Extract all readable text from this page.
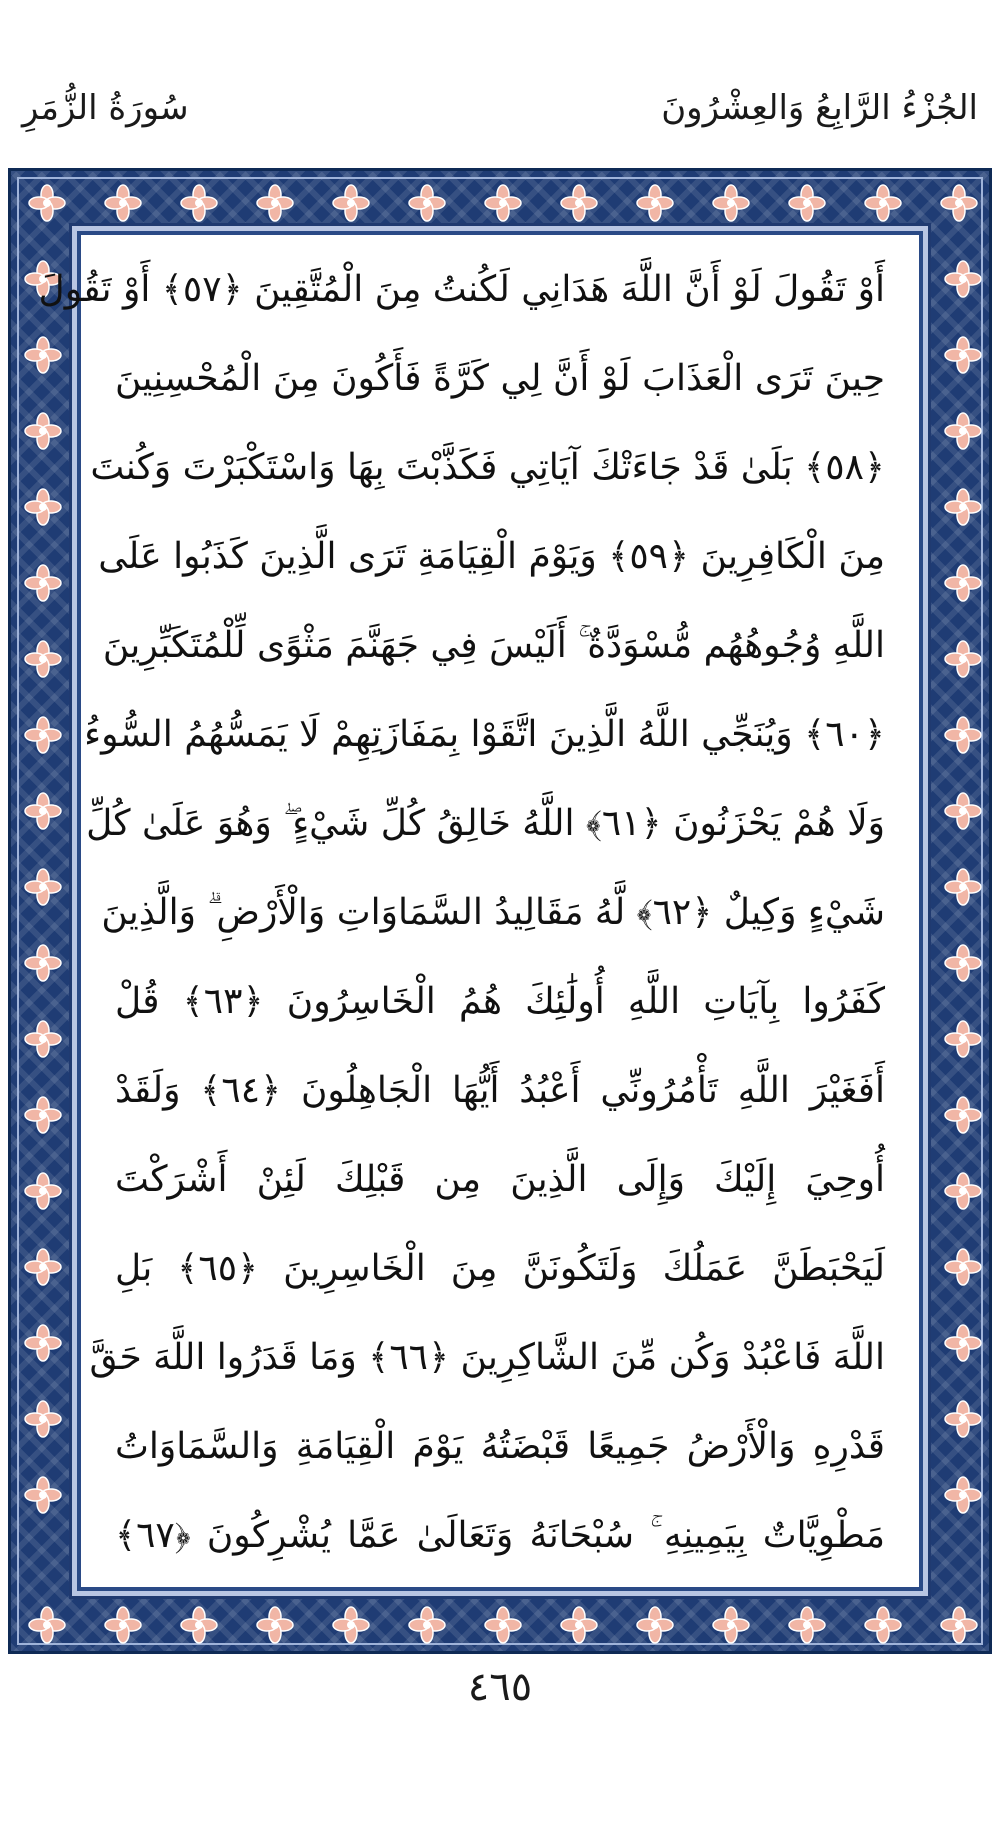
سُورَةُ الزُّمَرِ	الجُزْءُ الرَّابِعُ وَالعِشْرُونَ
أَوْ تَقُولَ لَوْ أَنَّ اللَّهَ هَدَانِي لَكُنتُ مِنَ الْمُتَّقِينَ ﴿٥٧﴾ أَوْ تَقُولَ
حِينَ تَرَى الْعَذَابَ لَوْ أَنَّ لِي كَرَّةً فَأَكُونَ مِنَ الْمُحْسِنِينَ
﴿٥٨﴾ بَلَىٰ قَدْ جَاءَتْكَ آيَاتِي فَكَذَّبْتَ بِهَا وَاسْتَكْبَرْتَ وَكُنتَ
مِنَ الْكَافِرِينَ ﴿٥٩﴾ وَيَوْمَ الْقِيَامَةِ تَرَى الَّذِينَ كَذَبُوا عَلَى
اللَّهِ وُجُوهُهُم مُّسْوَدَّةٌ ۚ أَلَيْسَ فِي جَهَنَّمَ مَثْوًى لِّلْمُتَكَبِّرِينَ
﴿٦٠﴾ وَيُنَجِّي اللَّهُ الَّذِينَ اتَّقَوْا بِمَفَازَتِهِمْ لَا يَمَسُّهُمُ السُّوءُ
وَلَا هُمْ يَحْزَنُونَ ﴿٦١﴾ اللَّهُ خَالِقُ كُلِّ شَيْءٍ ۖ وَهُوَ عَلَىٰ كُلِّ
شَيْءٍ وَكِيلٌ ﴿٦٢﴾ لَّهُ مَقَالِيدُ السَّمَاوَاتِ وَالْأَرْضِ ۗ وَالَّذِينَ
كَفَرُوا بِآيَاتِ اللَّهِ أُولَٰئِكَ هُمُ الْخَاسِرُونَ ﴿٦٣﴾ قُلْ
أَفَغَيْرَ اللَّهِ تَأْمُرُونِّي أَعْبُدُ أَيُّهَا الْجَاهِلُونَ ﴿٦٤﴾ وَلَقَدْ
أُوحِيَ إِلَيْكَ وَإِلَى الَّذِينَ مِن قَبْلِكَ لَئِنْ أَشْرَكْتَ
لَيَحْبَطَنَّ عَمَلُكَ وَلَتَكُونَنَّ مِنَ الْخَاسِرِينَ ﴿٦٥﴾ بَلِ
اللَّهَ فَاعْبُدْ وَكُن مِّنَ الشَّاكِرِينَ ﴿٦٦﴾ وَمَا قَدَرُوا اللَّهَ حَقَّ
قَدْرِهِ وَالْأَرْضُ جَمِيعًا قَبْضَتُهُ يَوْمَ الْقِيَامَةِ وَالسَّمَاوَاتُ
مَطْوِيَّاتٌ بِيَمِينِهِ ۚ سُبْحَانَهُ وَتَعَالَىٰ عَمَّا يُشْرِكُونَ ﴿٦٧﴾
٤٦٥
